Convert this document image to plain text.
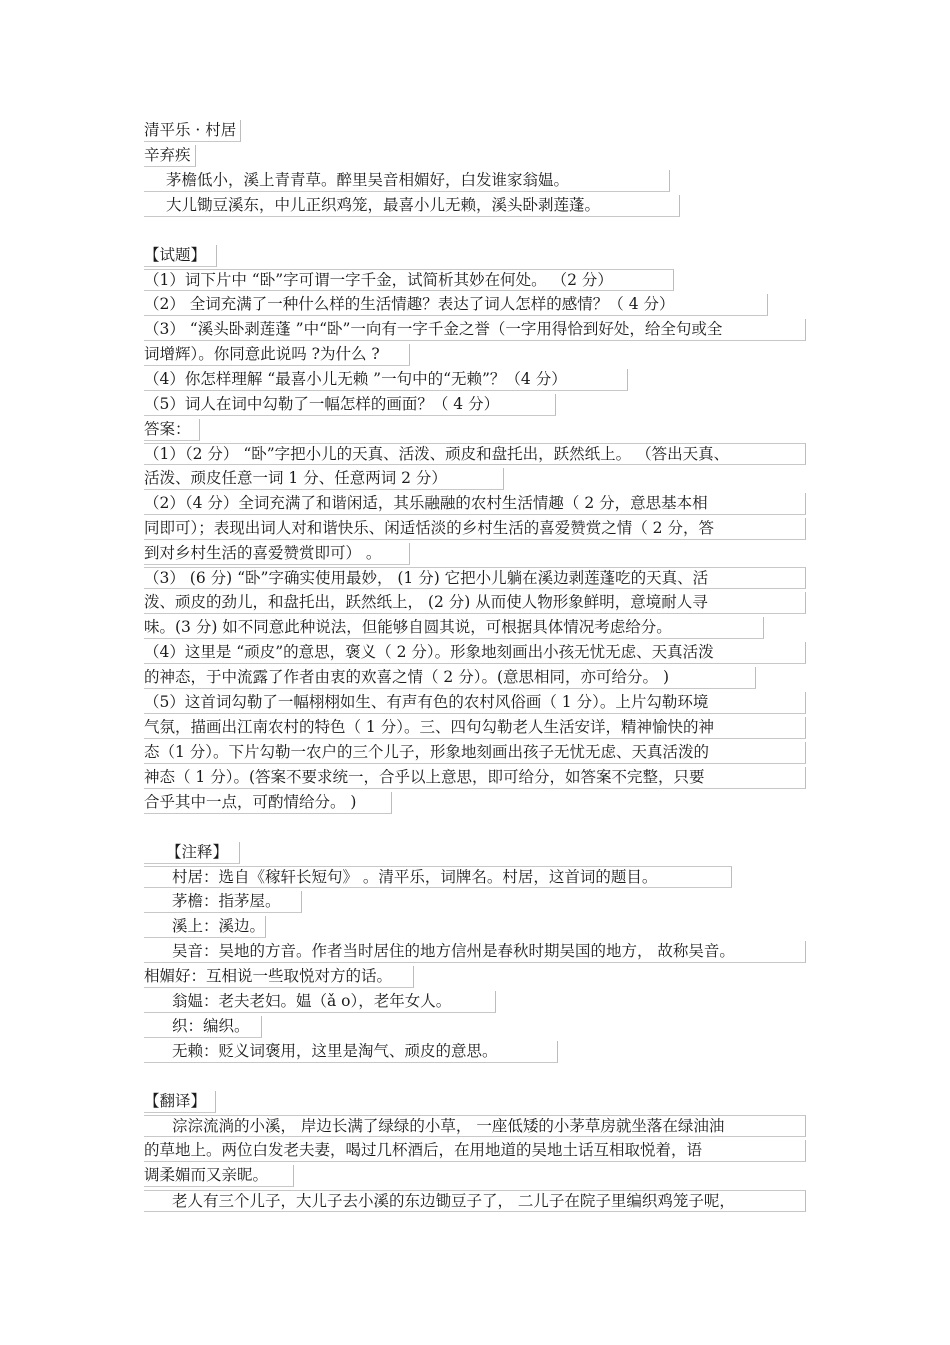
清平乐 · 村居
辛弃疾
茅檐低小，溪上青青草。醉里吴音相媚好，白发谁家翁媪。
大儿锄豆溪东，中儿正织鸡笼，最喜小儿无赖，溪头卧剥莲蓬。
【试题】
（1）词下片中 “卧”字可谓一字千金，试简析其妙在何处。 （2 分）
（2） 全词充满了一种什么样的生活情趣？表达了词人怎样的感情？（ 4 分）
（3） “溪头卧剥莲蓬 ”中“卧”一向有一字千金之誉（一字用得恰到好处，给全句或全
词增辉）。你同意此说吗 ?为什么 ?
（4）你怎样理解 “最喜小儿无赖 ”一句中的“无赖”？（4 分）
（5）词人在词中勾勒了一幅怎样的画面？（ 4 分）
答案：
（1）（2 分） “卧”字把小儿的天真、活泼、顽皮和盘托出，跃然纸上。 （答出天真、
活泼、顽皮任意一词 1 分、任意两词 2 分）
（2）（4 分）全词充满了和谐闲适，其乐融融的农村生活情趣（ 2 分，意思基本相
同即可）；表现出词人对和谐快乐、闲适恬淡的乡村生活的喜爱赞赏之情（ 2 分，答
到对乡村生活的喜爱赞赏即可） 。
（3） (6 分) “卧”字确实使用最妙， (1 分) 它把小儿躺在溪边剥莲蓬吃的天真、活
泼、顽皮的劲儿，和盘托出，跃然纸上， (2 分) 从而使人物形象鲜明，意境耐人寻
味。(3 分) 如不同意此种说法，但能够自圆其说，可根据具体情况考虑给分。
（4）这里是 “顽皮”的意思，褒义（ 2 分）。形象地刻画出小孩无忧无虑、天真活泼
的神态，于中流露了作者由衷的欢喜之情（ 2 分）。(意思相同，亦可给分。 )
（5）这首词勾勒了一幅栩栩如生、有声有色的农村风俗画（ 1 分）。上片勾勒环境
气氛，描画出江南农村的特色（ 1 分）。三、四句勾勒老人生活安详，精神愉快的神
态（1 分）。下片勾勒一农户的三个儿子，形象地刻画出孩子无忧无虑、天真活泼的
神态（ 1 分）。(答案不要求统一，合乎以上意思，即可给分，如答案不完整，只要
合乎其中一点，可酌情给分。 )
【注释】
村居：选自《稼轩长短句》 。清平乐，词牌名。村居，这首词的题目。
茅檐：指茅屋。
溪上：溪边。
吴音：吴地的方音。作者当时居住的地方信州是春秋时期吴国的地方， 故称吴音。
相媚好：互相说一些取悦对方的话。
翁媪：老夫老妇。媪（ǎ o），老年女人。
织：编织。
无赖：贬义词褒用，这里是淘气、顽皮的意思。
【翻译】
淙淙流淌的小溪， 岸边长满了绿绿的小草， 一座低矮的小茅草房就坐落在绿油油
的草地上。两位白发老夫妻，喝过几杯酒后，在用地道的吴地土话互相取悦着，语
调柔媚而又亲昵。
老人有三个儿子，大儿子去小溪的东边锄豆子了， 二儿子在院子里编织鸡笼子呢，
